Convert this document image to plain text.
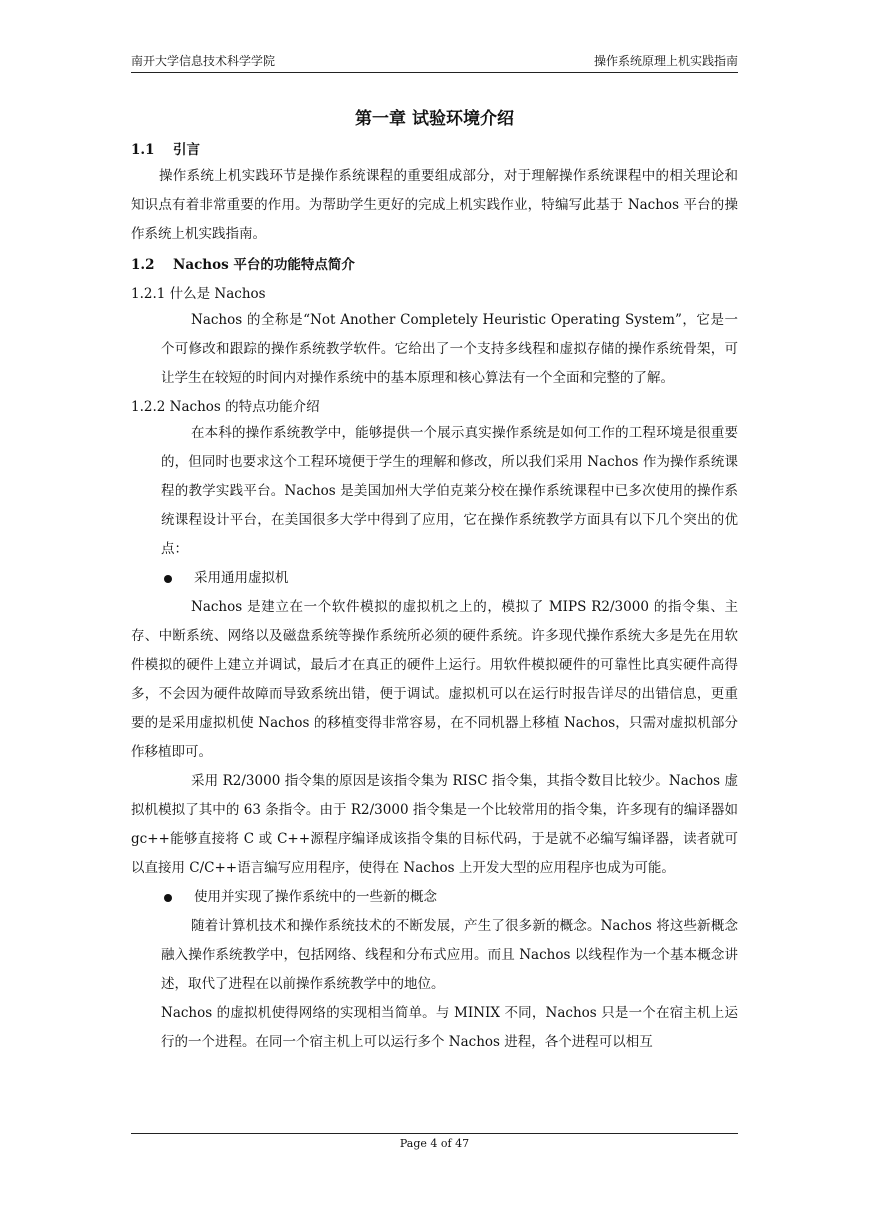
南开大学信息技术科学学院	操作系统原理上机实践指南
第一章 试验环境介绍
1.1	引言

操作系统上机实践环节是操作系统课程的重要组成部分，对于理解操作系统课程中的相关理论和知识点有着非常重要的作用。为帮助学生更好的完成上机实践作业，特编写此基于 Nachos 平台的操作系统上机实践指南。

1.2	Nachos 平台的功能特点简介
1.2.1 什么是 Nachos

Nachos 的全称是“Not Another Completely Heuristic Operating System”，它是一个可修改和跟踪的操作系统教学软件。它给出了一个支持多线程和虚拟存储的操作系统骨架，可让学生在较短的时间内对操作系统中的基本原理和核心算法有一个全面和完整的了解。

1.2.2 Nachos 的特点功能介绍

在本科的操作系统教学中，能够提供一个展示真实操作系统是如何工作的工程环境是很重要的，但同时也要求这个工程环境便于学生的理解和修改，所以我们采用 Nachos 作为操作系统课程的教学实践平台。Nachos 是美国加州大学伯克莱分校在操作系统课程中已多次使用的操作系统课程设计平台，在美国很多大学中得到了应用，它在操作系统教学方面具有以下几个突出的优点：

采用通用虚拟机

Nachos 是建立在一个软件模拟的虚拟机之上的，模拟了 MIPS R2/3000 的指令集、主存、中断系统、网络以及磁盘系统等操作系统所必须的硬件系统。许多现代操作系统大多是先在用软件模拟的硬件上建立并调试，最后才在真正的硬件上运行。用软件模拟硬件的可靠性比真实硬件高得多，不会因为硬件故障而导致系统出错，便于调试。虚拟机可以在运行时报告详尽的出错信息，更重要的是采用虚拟机使 Nachos 的移植变得非常容易，在不同机器上移植 Nachos，只需对虚拟机部分作移植即可。

采用 R2/3000 指令集的原因是该指令集为 RISC 指令集，其指令数目比较少。Nachos 虚拟机模拟了其中的 63 条指令。由于 R2/3000 指令集是一个比较常用的指令集，许多现有的编译器如 gc++能够直接将 C 或 C++源程序编译成该指令集的目标代码，于是就不必编写编译器，读者就可以直接用 C/C++语言编写应用程序，使得在 Nachos 上开发大型的应用程序也成为可能。

使用并实现了操作系统中的一些新的概念

随着计算机技术和操作系统技术的不断发展，产生了很多新的概念。Nachos 将这些新概念融入操作系统教学中，包括网络、线程和分布式应用。而且 Nachos 以线程作为一个基本概念讲述，取代了进程在以前操作系统教学中的地位。

Nachos 的虚拟机使得网络的实现相当简单。与 MINIX 不同，Nachos 只是一个在宿主机上运行的一个进程。在同一个宿主机上可以运行多个 Nachos 进程，各个进程可以相互

Page 4 of 47
